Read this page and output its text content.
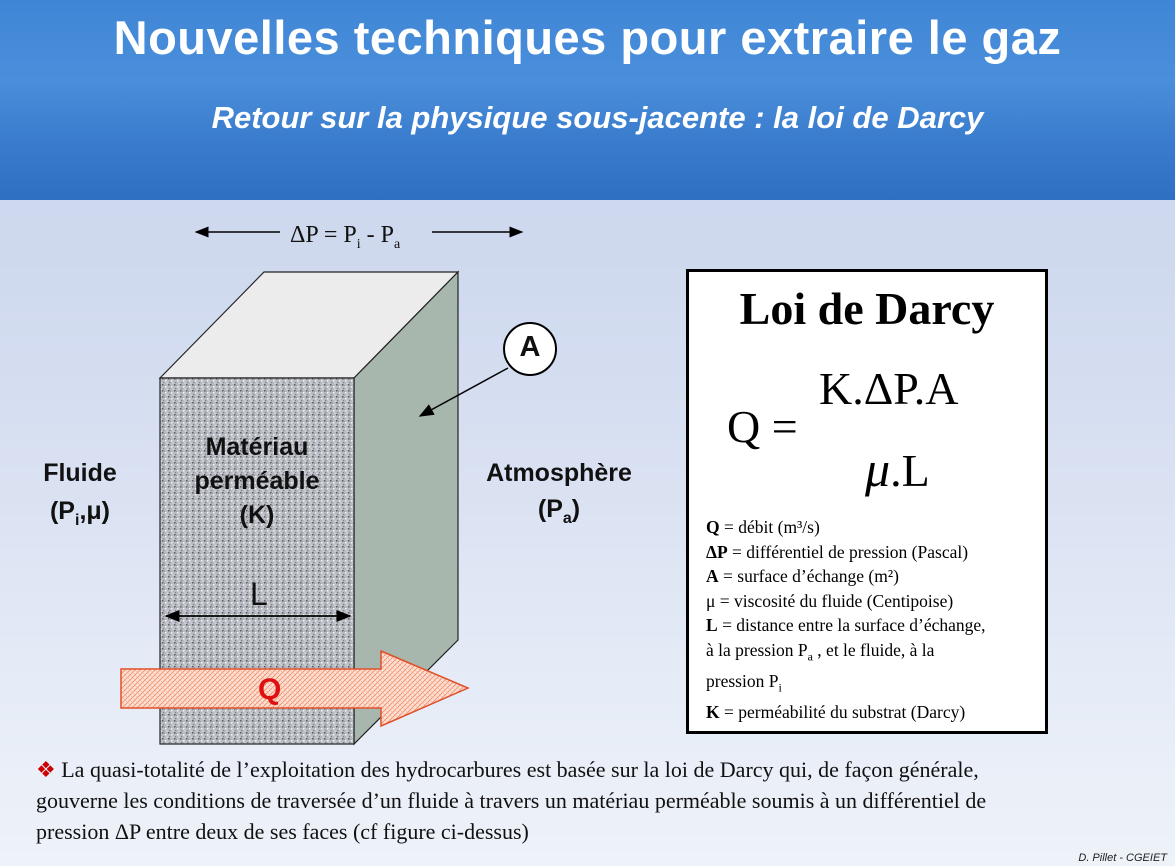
Nouvelles techniques pour extraire le gaz
Retour sur la physique sous-jacente : la loi de Darcy
$\Delta P = P_i - P_a$
A
Matériau
perméable
(K)
L
Q
Fluide
$(P_i,\mu)$
Atmosphère
$(P_a)$
Loi de Darcy
Q =
K.ΔP.A
μ.L
Q = débit (m³/s)
ΔP = différentiel de pression (Pascal)
A = surface d’échange (m²)
μ = viscosité du fluide (Centipoise)
L = distance entre la surface d’échange,
à la pression $P_a$ , et le fluide, à la
pression $P_i$
K = perméabilité du substrat (Darcy)
❖ La quasi-totalité de l’exploitation des hydrocarbures est basée sur la loi de Darcy qui, de façon générale, gouverne les conditions de traversée d’un fluide à travers un matériau perméable soumis à un différentiel de pression ΔP entre deux de ses faces (cf figure ci-dessus)
D. Pillet - CGEIET
